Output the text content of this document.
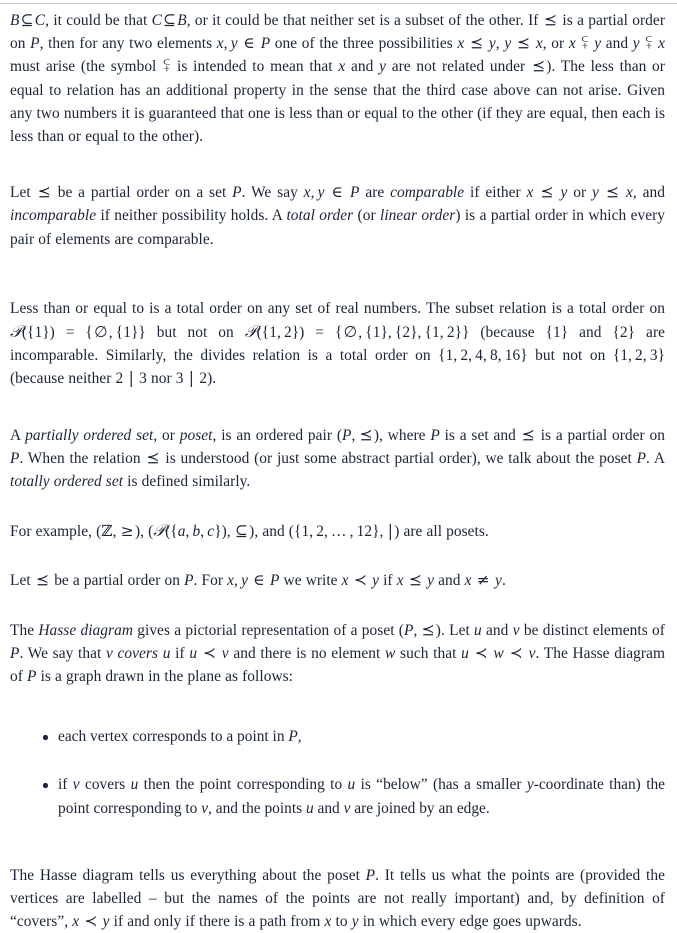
B⊆C, it could be that C⊆B, or it could be that neither set is a subset of the other. If ⪯ is a partial order on P, then for any two elements x, y ∈ P one of the three possibilities x ⪯ y, y ⪯ x, or x ⪿ y and y ⪿ x must arise (the symbol ⪿ is intended to mean that x and y are not related under ⪯). The less than or equal to relation has an additional property in the sense that the third case above can not arise. Given any two numbers it is guaranteed that one is less than or equal to the other (if they are equal, then each is less than or equal to the other).

Let ⪯ be a partial order on a set P. We say x, y ∈ P are comparable if either x ⪯ y or y ⪯ x, and incomparable if neither possibility holds. A total order (or linear order) is a partial order in which every pair of elements are comparable.

Less than or equal to is a total order on any set of real numbers. The subset relation is a total order on 𝒫({1}) = {∅, {1}} but not on 𝒫({1, 2}) = {∅, {1}, {2}, {1, 2}} (because {1} and {2} are incomparable. Similarly, the divides relation is a total order on {1, 2, 4, 8, 16} but not on {1, 2, 3} (because neither 2 | 3 nor 3 | 2).

A partially ordered set, or poset, is an ordered pair (P, ⪯), where P is a set and ⪯ is a partial order on P. When the relation ⪯ is understood (or just some abstract partial order), we talk about the poset P. A totally ordered set is defined similarly.

For example, (ℤ, ≥), (𝒫({a, b, c}), ⊆), and ({1, 2, … , 12}, |) are all posets.

Let ⪯ be a partial order on P. For x, y ∈ P we write x ≺ y if x ⪯ y and x ≠ y.

The Hasse diagram gives a pictorial representation of a poset (P, ⪯). Let u and v be distinct elements of P. We say that v covers u if u ≺ v and there is no element w such that u ≺ w ≺ v. The Hasse diagram of P is a graph drawn in the plane as follows:

each vertex corresponds to a point in P,
if v covers u then the point corresponding to u is “below” (has a smaller y-coordinate than) the point corresponding to v, and the points u and v are joined by an edge.

The Hasse diagram tells us everything about the poset P. It tells us what the points are (provided the vertices are labelled – but the names of the points are not really important) and, by definition of “covers”, x ≺ y if and only if there is a path from x to y in which every edge goes upwards.
